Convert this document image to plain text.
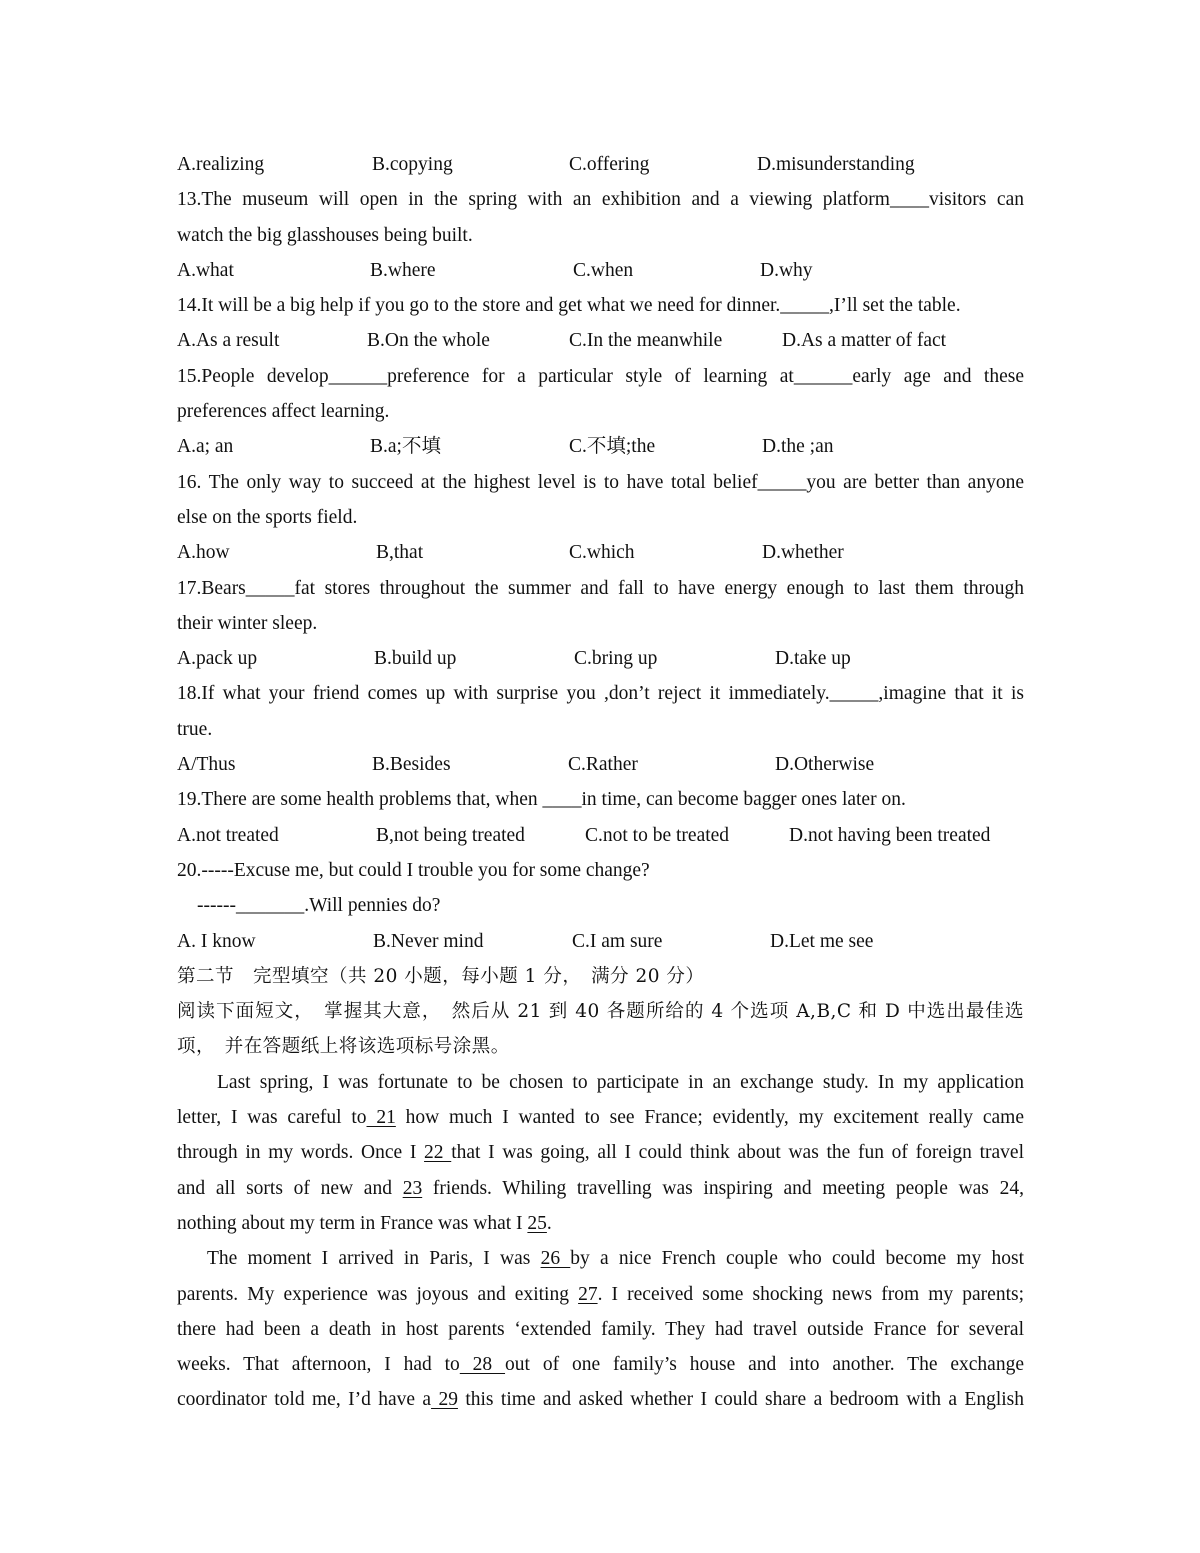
A.realizing	B.copying	C.offering	D.misunderstanding
13.The museum will open in the spring with an exhibition and a viewing platform____visitors can
watch the big glasshouses being built.
A.what	B.where	C.when	D.why
14.It will be a big help if you go to the store and get what we need for dinner._____,I’ll set the table.
A.As a result	B.On the whole	C.In the meanwhile	D.As a matter of fact
15.People develop______preference for a particular style of learning at______early age and these
preferences affect learning.
A.a; an	B.a;不填	C.不填;the	D.the ;an
16. The only way to succeed at the highest level is to have total belief_____you are better than anyone
else on the sports field.
A.how	B,that	C.which	D.whether
17.Bears_____fat stores throughout the summer and fall to have energy enough to last them through
their winter sleep.
A.pack up	B.build up	C.bring up	D.take up
18.If what your friend comes up with surprise you ,don’t reject it immediately._____,imagine that it is
true.
A/Thus	B.Besides	C.Rather	D.Otherwise
19.There are some health problems that, when ____in time, can become bagger ones later on.
A.not treated	B,not being treated	C.not to be treated	D.not having been treated
20.-----Excuse me, but could I trouble you for some change?
------_______.Will pennies do?
A. I know	B.Never mind	C.I am sure	D.Let me see
第二节　完型填空（共 20 小题，每小题 1 分，　满分 20 分）
阅读下面短文，　掌握其大意，　然后从 21 到 40 各题所给的 4 个选项 A,B,C 和 D 中选出最佳选
项，　并在答题纸上将该选项标号涂黑。
Last spring, I was fortunate to be chosen to participate in an exchange study. In my application
letter, I was careful to 21 how much I wanted to see France; evidently, my excitement really came
through in my words. Once I 22 that I was going, all I could think about was the fun of foreign travel
and all sorts of new and 23 friends. Whiling travelling was inspiring and meeting people was 24,
nothing about my term in France was what I 25.
The moment I arrived in Paris, I was 26 by a nice French couple who could become my host
parents. My experience was joyous and exiting 27. I received some shocking news from my parents;
there had been a death in host parents ‘extended family. They had travel outside France for several
weeks. That afternoon, I had to 28 out of one family’s house and into another. The exchange
coordinator told me, I’d have a 29 this time and asked whether I could share a bedroom with a English
